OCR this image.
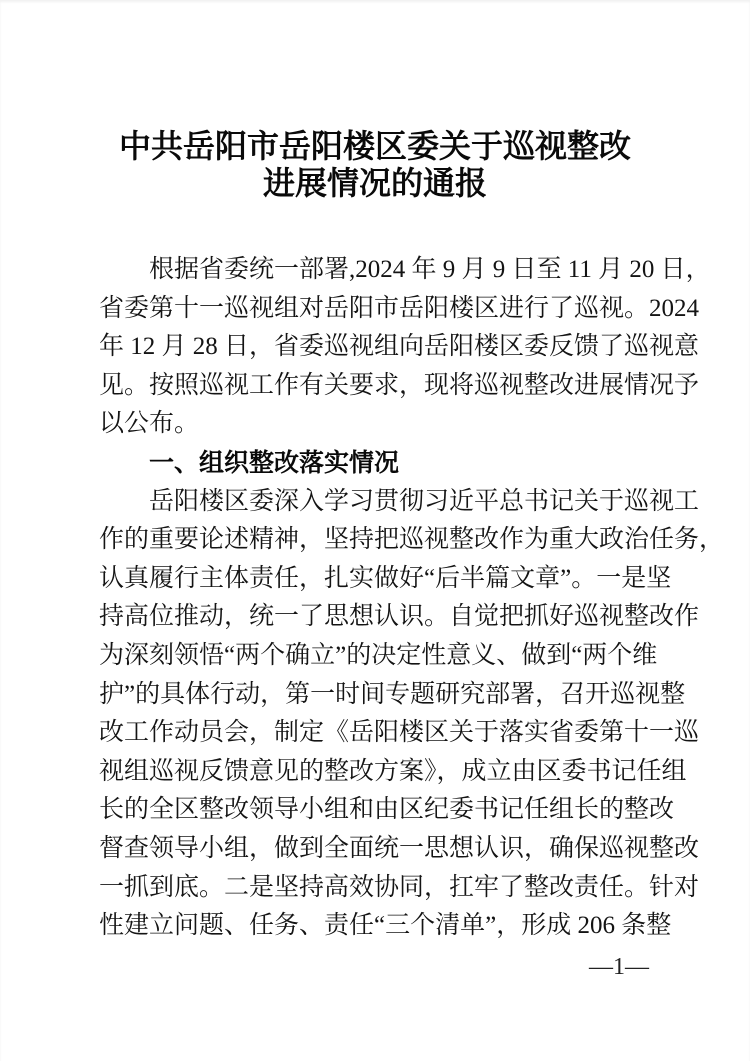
中共岳阳市岳阳楼区委关于巡视整改
进展情况的通报
根据省委统一部署,2024 年 9 月 9 日至 11 月 20 日，
省委第十一巡视组对岳阳市岳阳楼区进行了巡视。2024
年 12 月 28 日，省委巡视组向岳阳楼区委反馈了巡视意
见。按照巡视工作有关要求，现将巡视整改进展情况予
以公布。
一、组织整改落实情况
岳阳楼区委深入学习贯彻习近平总书记关于巡视工
作的重要论述精神，坚持把巡视整改作为重大政治任务，
认真履行主体责任，扎实做好“后半篇文章”。一是坚
持高位推动，统一了思想认识。自觉把抓好巡视整改作
为深刻领悟“两个确立”的决定性意义、做到“两个维
护”的具体行动，第一时间专题研究部署，召开巡视整
改工作动员会，制定《岳阳楼区关于落实省委第十一巡
视组巡视反馈意见的整改方案》，成立由区委书记任组
长的全区整改领导小组和由区纪委书记任组长的整改
督查领导小组，做到全面统一思想认识，确保巡视整改
一抓到底。二是坚持高效协同，扛牢了整改责任。针对
性建立问题、任务、责任“三个清单”，形成 206 条整
—1—
